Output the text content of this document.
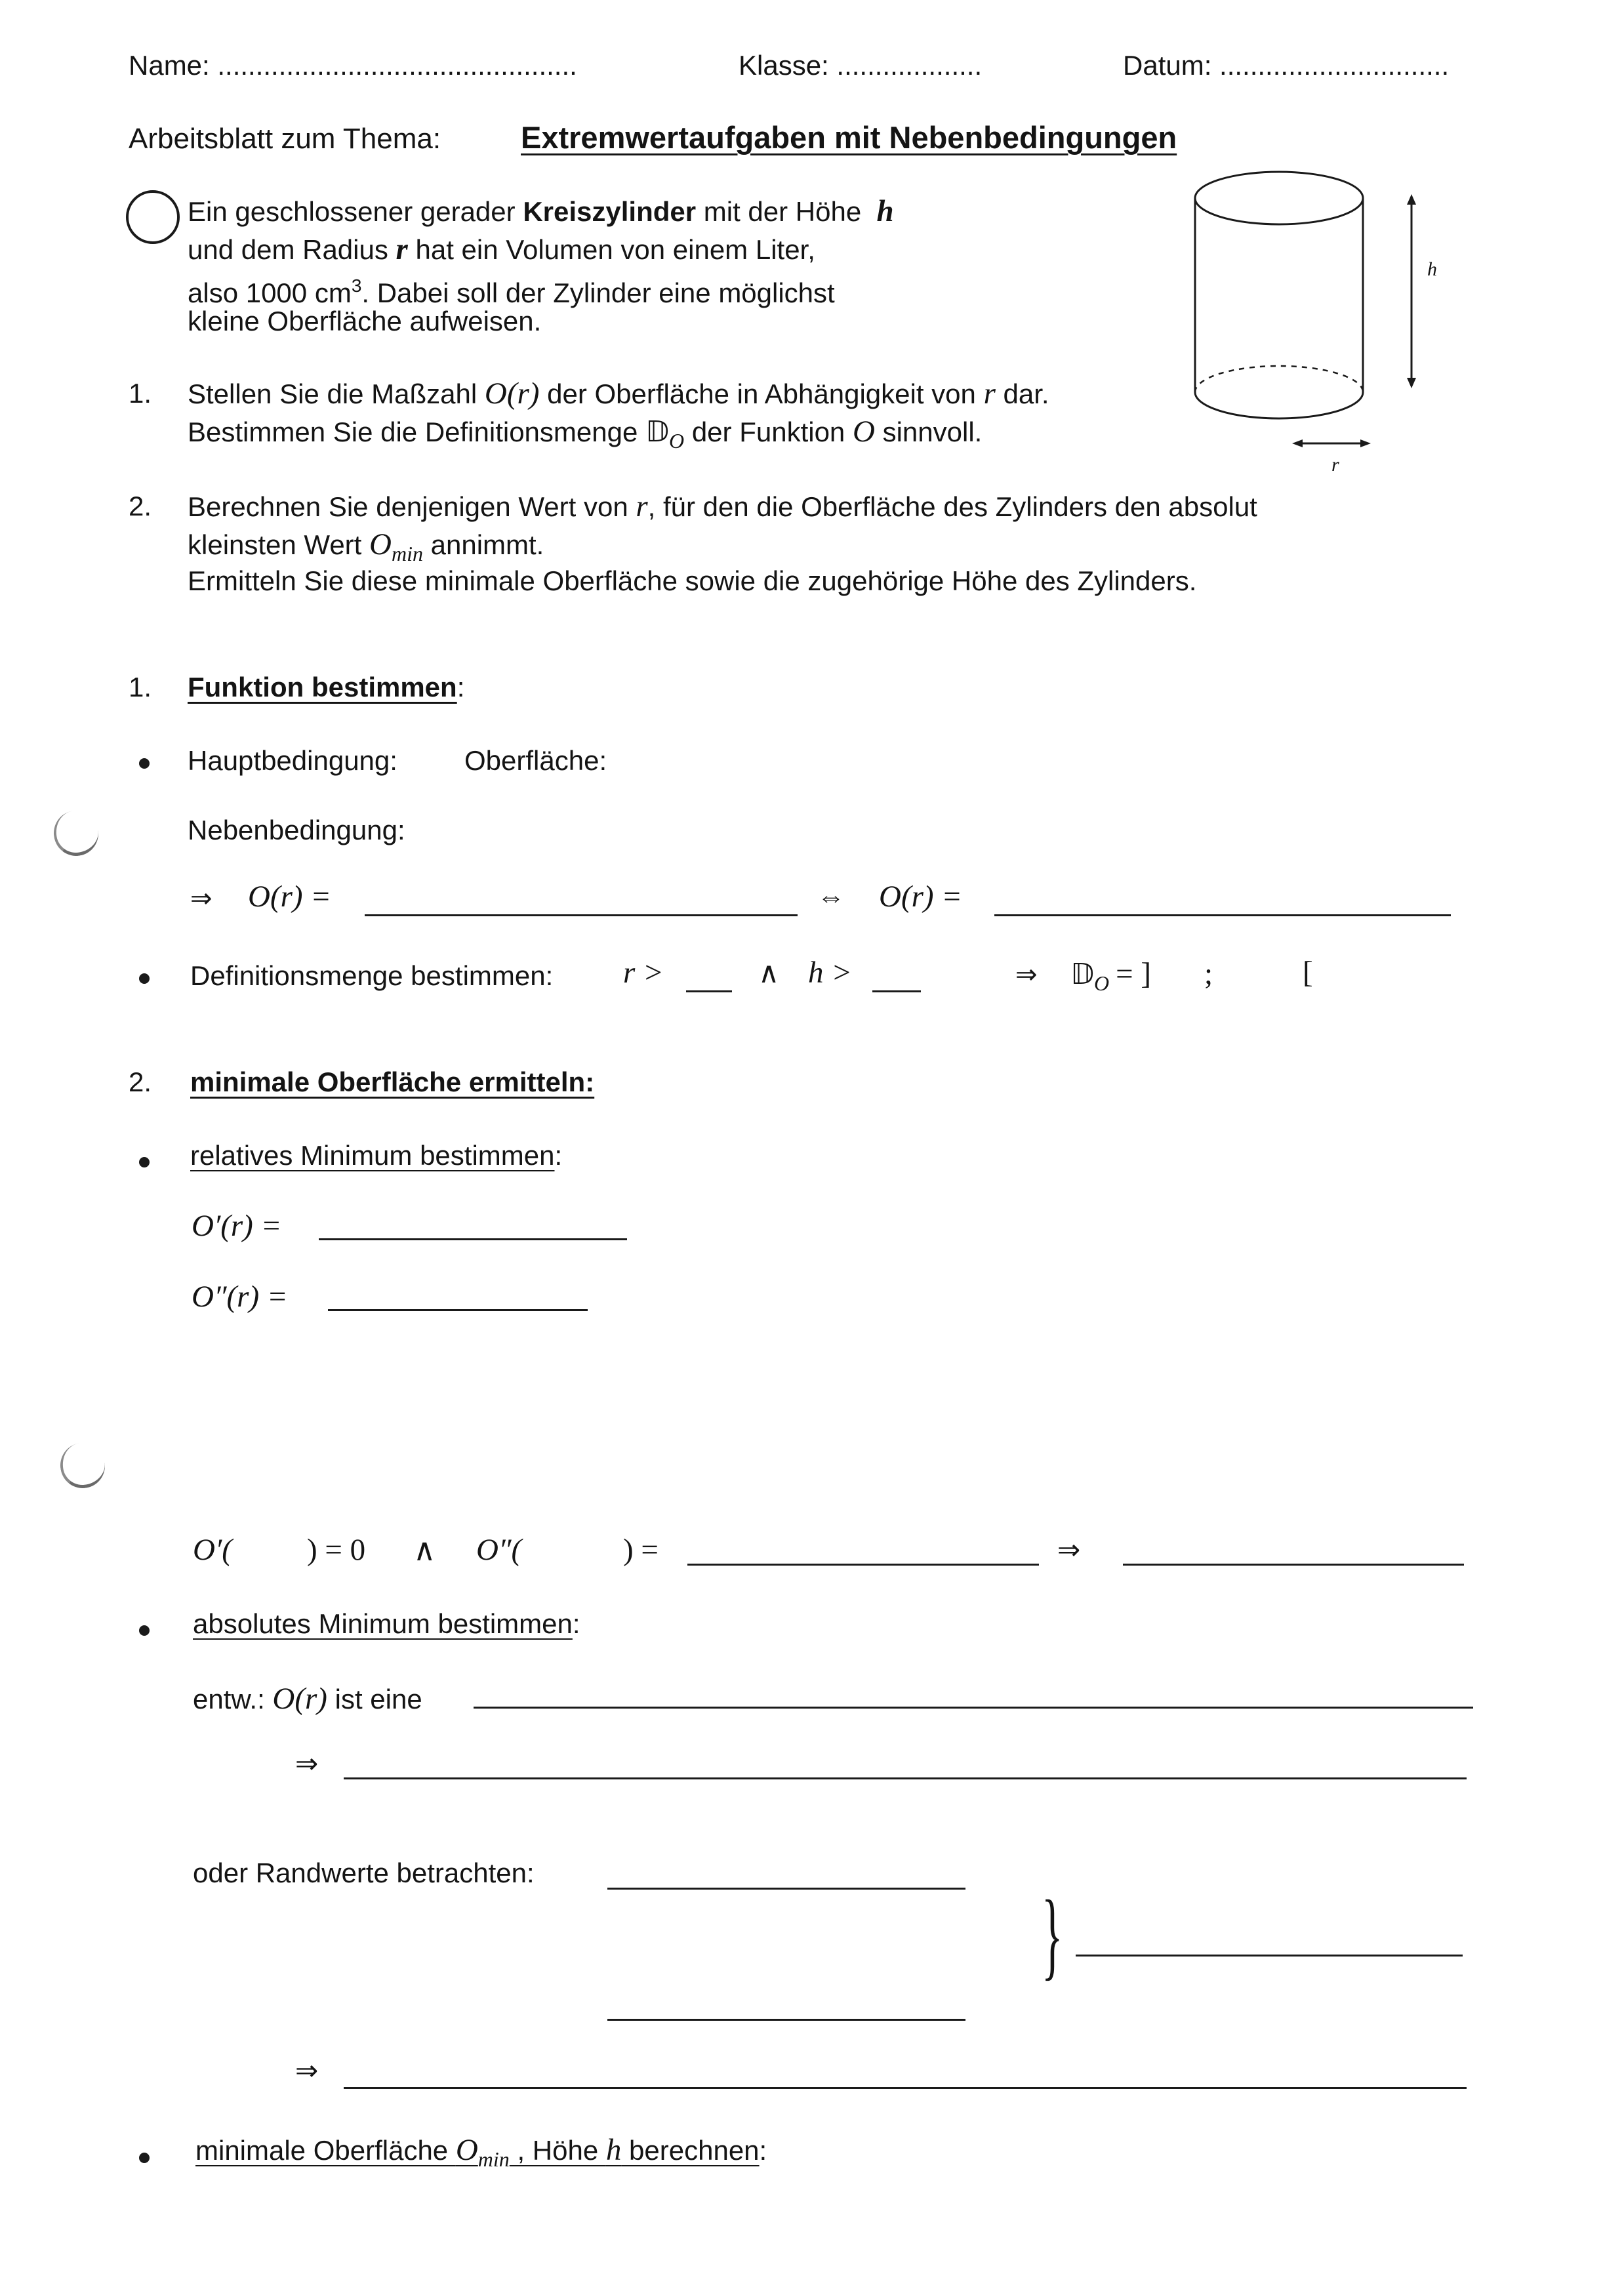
Name: ...............................................	Klasse: ...................	Datum: ..............................
Arbeitsblatt zum Thema:	Extremwertaufgaben mit Nebenbedingungen
Ein geschlossener gerader Kreiszylinder mit der Höhe  h
und dem Radius r hat ein Volumen von einem Liter,
also 1000 $cm^3$. Dabei soll der Zylinder eine möglichst
kleine Oberfläche aufweisen.
1. Stellen Sie die Maßzahl O(r) der Oberfläche in Abhängigkeit von r dar.
Bestimmen Sie die Definitionsmenge 𝔻$_O$ der Funktion O sinnvoll.
2. Berechnen Sie denjenigen Wert von r, für den die Oberfläche des Zylinders den absolut
kleinsten Wert $O_{min}$ annimmt.
Ermitteln Sie diese minimale Oberfläche sowie die zugehörige Höhe des Zylinders.
h
r
1. Funktion bestimmen:
Hauptbedingung: Oberfläche:
Nebenbedingung:
⇒ O(r) =	⇔ O(r) =
Definitionsmenge bestimmen: r >	∧ h >	⇒ 𝔻$_O$ = ] ;	[
2. minimale Oberfläche ermitteln:
relatives Minimum bestimmen:
O′(r) =
O″(r) =
O′( ) = 0 ∧ O″(	) =	⇒
absolutes Minimum bestimmen:
entw.: O(r) ist eine
⇒
oder Randwerte betrachten:
}
⇒
minimale Oberfläche $O_{min}$ , Höhe h berechnen:
